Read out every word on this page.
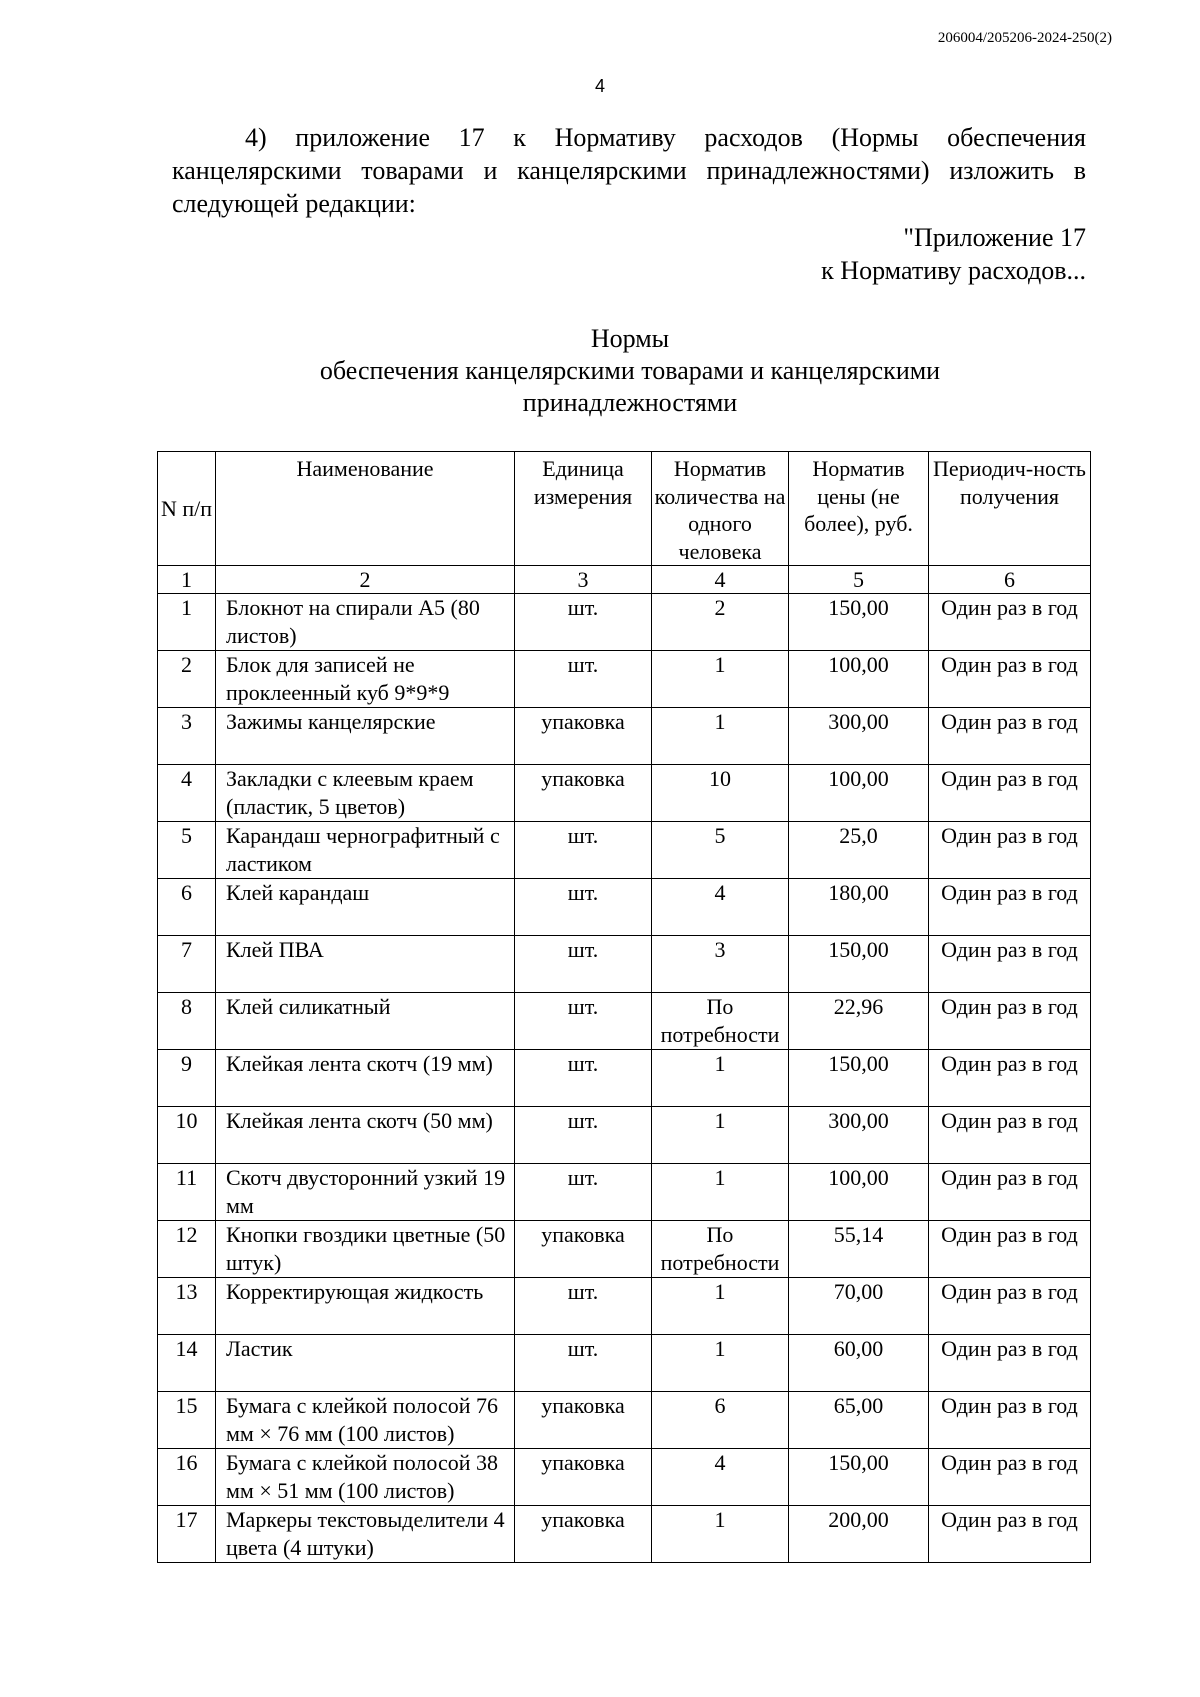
206004/205206-2024-250(2)
4

4) приложение 17 к Нормативу расходов (Нормы обеспечения канцелярскими товарами и канцелярскими принадлежностями) изложить в следующей редакции:

"Приложение 17
к Нормативу расходов...
Нормы
обеспечения канцелярскими товарами и канцелярскими
принадлежностями
N п/п	Наименование	Единица измерения	Норматив количества на одного человека	Норматив цены (не более), руб.	Периодич-ность получения
1	2	3	4	5	6
1	Блокнот на спирали А5 (80 листов)	шт.	2	150,00	Один раз в год
2	Блок для записей не проклеенный куб 9*9*9	шт.	1	100,00	Один раз в год
3	Зажимы канцелярские	упаковка	1	300,00	Один раз в год
4	Закладки с клеевым краем (пластик, 5 цветов)	упаковка	10	100,00	Один раз в год
5	Карандаш чернографитный с ластиком	шт.	5	25,0	Один раз в год
6	Клей карандаш	шт.	4	180,00	Один раз в год
7	Клей ПВА	шт.	3	150,00	Один раз в год
8	Клей силикатный	шт.	По потребности	22,96	Один раз в год
9	Клейкая лента скотч (19 мм)	шт.	1	150,00	Один раз в год
10	Клейкая лента скотч (50 мм)	шт.	1	300,00	Один раз в год
11	Скотч двусторонний узкий 19 мм	шт.	1	100,00	Один раз в год
12	Кнопки гвоздики цветные (50 штук)	упаковка	По потребности	55,14	Один раз в год
13	Корректирующая жидкость	шт.	1	70,00	Один раз в год
14	Ластик	шт.	1	60,00	Один раз в год
15	Бумага с клейкой полосой 76 мм × 76 мм (100 листов)	упаковка	6	65,00	Один раз в год
16	Бумага с клейкой полосой 38 мм × 51 мм (100 листов)	упаковка	4	150,00	Один раз в год
17	Маркеры текстовыделители 4 цвета (4 штуки)	упаковка	1	200,00	Один раз в год
